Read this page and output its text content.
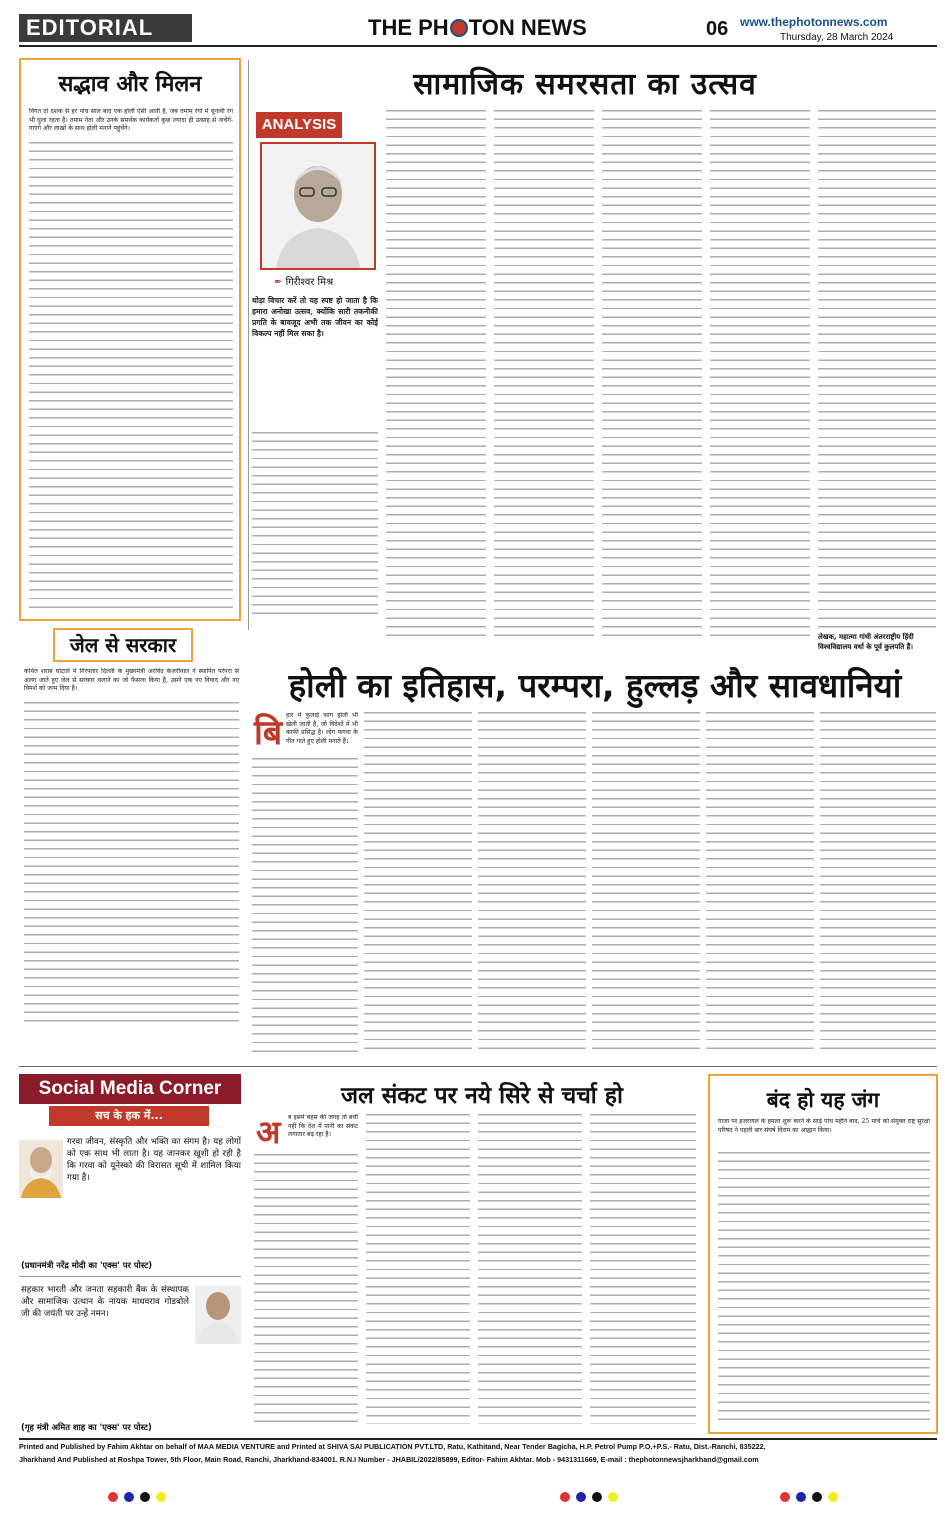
EDITORIAL	THE PH TON NEWS	06 www.thephotonnews.com
Thursday, 28 March 2024
सद्भाव और मिलन
विगत दो दशक से हर पांच साल बाद एक होली ऐसी आती है, जब तमाम रंगों में चुनावी रंग भी घुला रहता है। तमाम नेता और उनके समर्थक कार्यकर्ता कुछ ज्यादा ही उत्साह से नाचेंगे-गाएंगे और लाखों के साथ होली मनाने पहुंचेंगे।
जेल से सरकार
कथित शराब घोटाले में गिरफ्तार दिल्ली के मुख्यमंत्री अरविंद केजरीवाल ने स्थापित परंपरा से अलग जाते हुए जेल से सरकार चलाने का जो फैसला किया है, उसने एक नए विवाद और नए विमर्श को जन्म दिया है।
ANALYSIS
✒ गिरीश्वर मिश्र
थोड़ा विचार करें तो यह स्पष्ट हो जाता है कि हमारा अनोखा उत्सव, क्योंकि सारी तकनीकी प्रगति के बावजूद अभी तक जीवन का कोई विकल्प नहीं मिल सका है।
सामाजिक समरसता का उत्सव
लेखक, महात्मा गांधी अंतरराष्ट्रीय हिंदी विश्वविद्यालय वर्धा के पूर्व कुलपति हैं।
होली का इतिहास, परम्परा, हुल्लड़ और सावधानियां
बि हार में फुलाई फाग होली भी खेली जाती है, जो विदेशों में भी काफी प्रसिद्ध है। लोग फगवा के गीत गाते हुए होली मनाते हैं।
Social Media Corner
सच के हक में...
गरवा जीवन, संस्कृति और भक्ति का संगम है। यह लोगों को एक साथ भी लाता है। यह जानकर खुशी हो रही है कि गरवा को यूनेस्को की विरासत सूची में शामिल किया गया है।
(प्रधानमंत्री नरेंद्र मोदी का 'एक्स' पर पोस्ट)
सहकार भारती और जनता सहकारी बैंक के संस्थापक और सामाजिक उत्थान के नायक माधवराव गोडबोले जी की जयंती पर उन्हें नमन।
(गृह मंत्री अमित शाह का 'एक्स' पर पोस्ट)
जल संकट पर नये सिरे से चर्चा हो
अ ब इसमें बहस की जगह तो बची नहीं कि देश में पानी का संकट लगातार बढ़ रहा है।
बंद हो यह जंग
गाजा पर इजरायल के हमला शुरू करने के साढ़े पांच महीने बाद, 25 मार्च को संयुक्त राष्ट्र सुरक्षा परिषद ने पहली बार संघर्ष विराम का आह्वान किया।
Printed and Published by Fahim Akhtar on behalf of MAA MEDIA VENTURE and Printed at SHIVA SAI PUBLICATION PVT.LTD, Ratu, Kathitand, Near Tender Bagicha, H.P. Petrol Pump P.O.+P.S.- Ratu, Dist.-Ranchi, 835222,
Jharkhand And Published at Roshpa Tower, 5th Floor, Main Road, Ranchi, Jharkhand-834001. R.N.I Number - JHABIL/2022/85899, Editor- Fahim Akhtar. Mob - 9431311669, E-mail : thephotonnewsjharkhand@gmail.com
